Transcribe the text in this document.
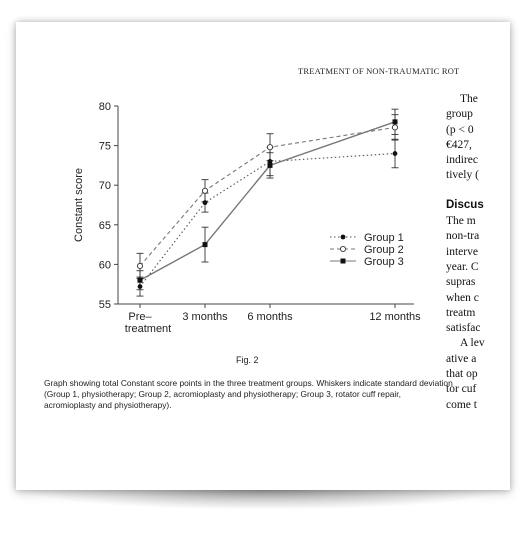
TREATMENT OF NON-TRAUMATIC ROT
55
60
65
70
75
80
Constant score
Pre– treatment
3 months 6 months	12 months
Group 1
Group 2
Group 3
Fig. 2
Graph showing total Constant score points in the three treatment groups. Whiskers indicate standard deviation (Group 1, physiotherapy; Group 2, acromioplasty and physiotherapy; Group 3, rotator cuff repair, acromioplasty and physiotherapy).
The
group
(p < 0
€427,
indirec
tively (
Discus
The m
non-tra
interve
year. C
supras
when c
treatm
satisfac
A lev
ative a
that op
tor cuf
come t
